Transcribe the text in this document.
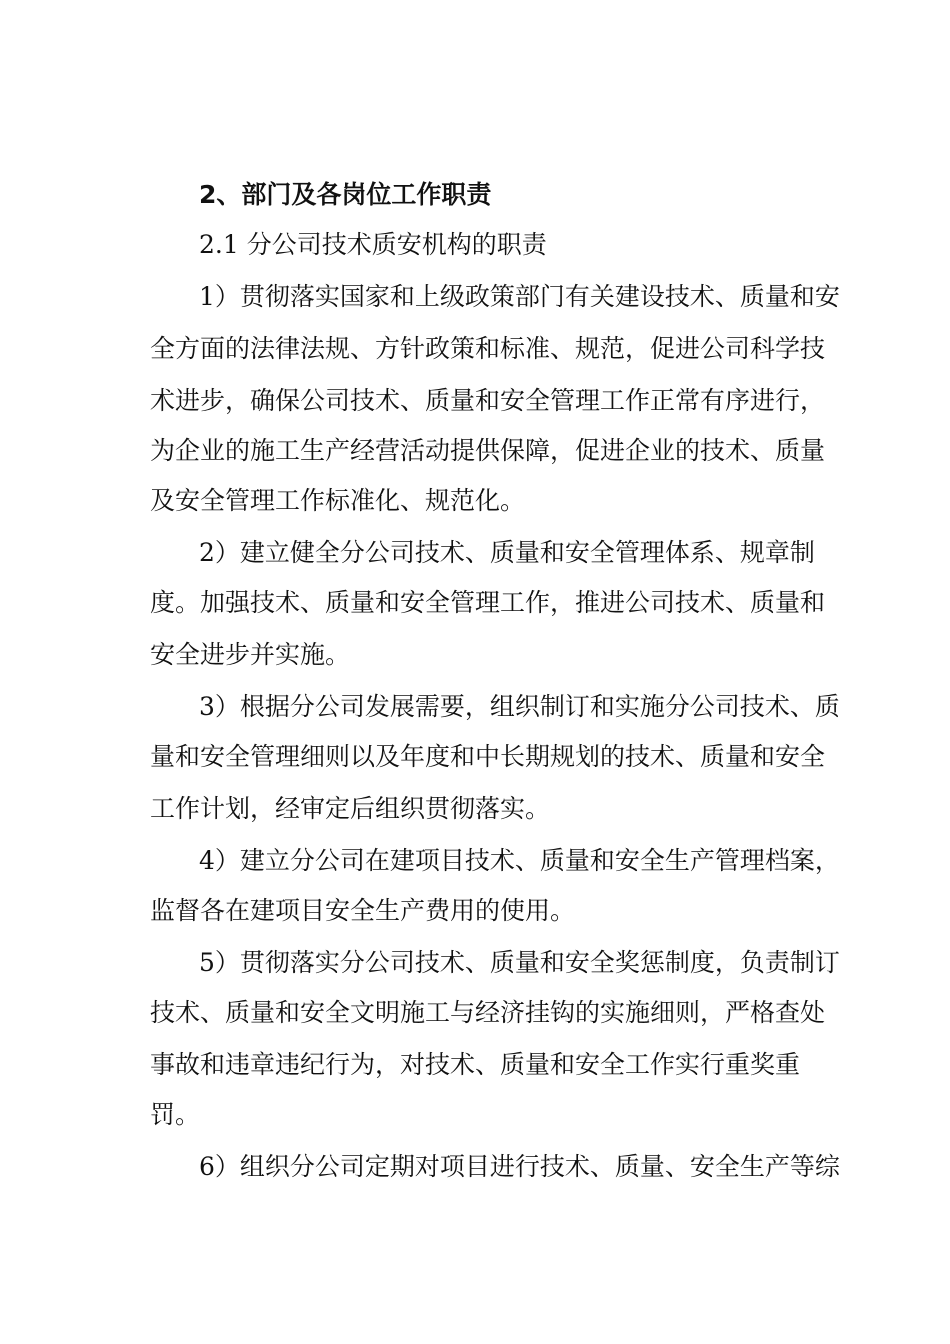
2、部门及各岗位工作职责
2.1 分公司技术质安机构的职责
1）贯彻落实国家和上级政策部门有关建设技术、质量和安
全方面的法律法规、方针政策和标准、规范，促进公司科学技
术进步，确保公司技术、质量和安全管理工作正常有序进行，
为企业的施工生产经营活动提供保障，促进企业的技术、质量
及安全管理工作标准化、规范化。
2）建立健全分公司技术、质量和安全管理体系、规章制
度。加强技术、质量和安全管理工作，推进公司技术、质量和
安全进步并实施。
3）根据分公司发展需要，组织制订和实施分公司技术、质
量和安全管理细则以及年度和中长期规划的技术、质量和安全
工作计划，经审定后组织贯彻落实。
4）建立分公司在建项目技术、质量和安全生产管理档案，
监督各在建项目安全生产费用的使用。
5）贯彻落实分公司技术、质量和安全奖惩制度，负责制订
技术、质量和安全文明施工与经济挂钩的实施细则，严格查处
事故和违章违纪行为，对技术、质量和安全工作实行重奖重
罚。
6）组织分公司定期对项目进行技术、质量、安全生产等综
